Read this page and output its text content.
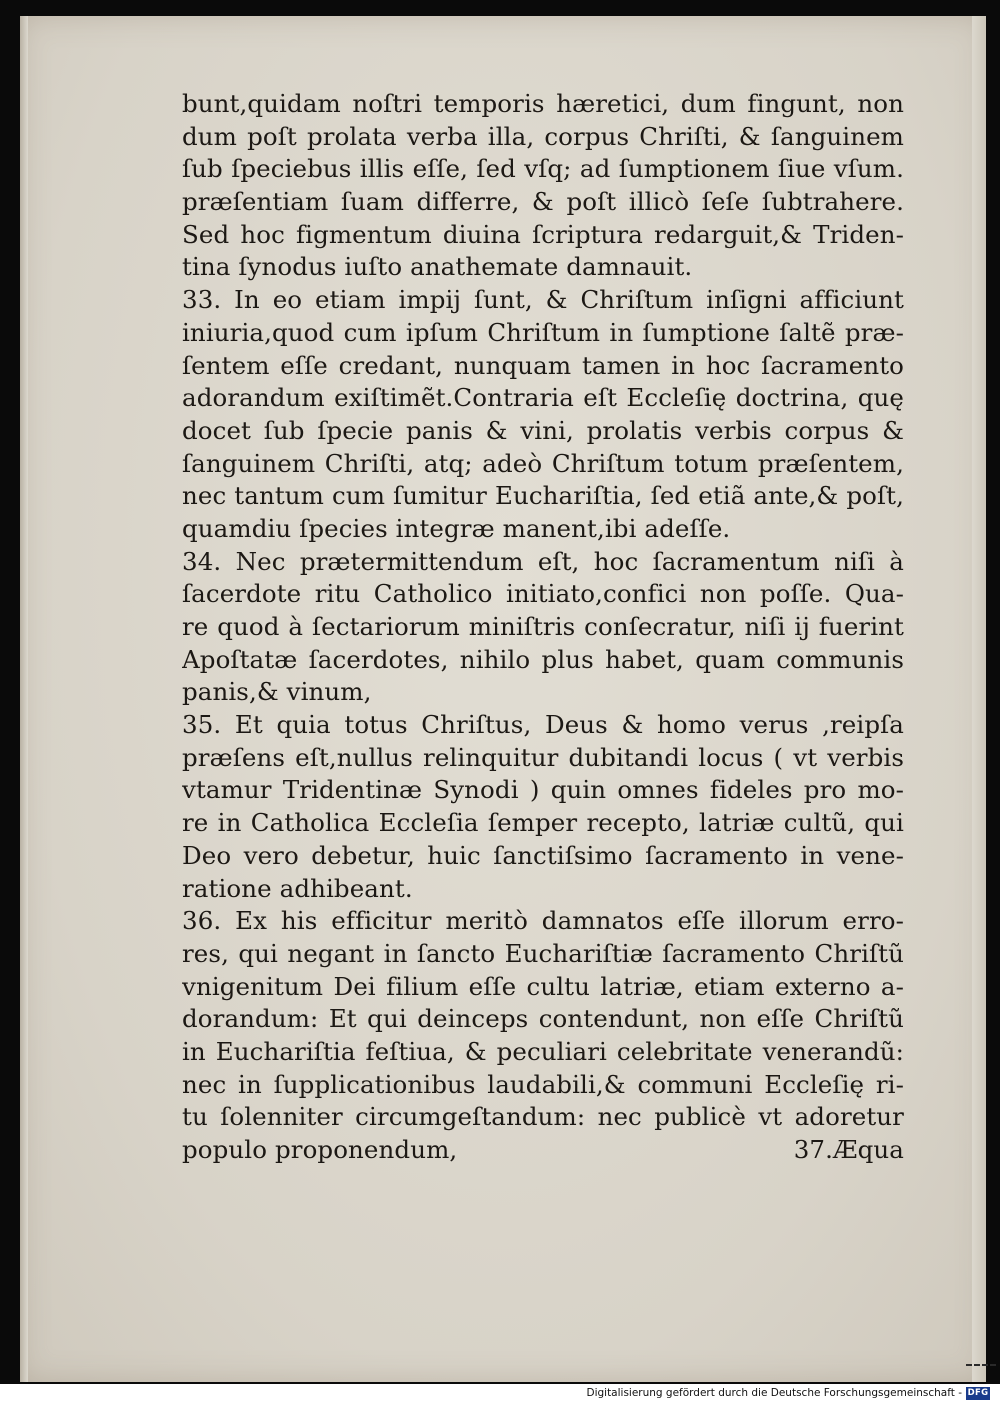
bunt,quidam noſtri temporis hæretici, dum fingunt, non
dum poſt prolata verba illa, corpus Chriſti, & ſanguinem
ſub ſpeciebus illis eſſe, ſed vſq; ad ſumptionem ſiue vſum.
præſentiam ſuam differre, & poſt illicò ſeſe ſubtrahere.
Sed hoc figmentum diuina ſcriptura redarguit,& Triden-
tina ſynodus iuſto anathemate damnauit.
33. In eo etiam impij ſunt, & Chriſtum inſigni afficiunt
iniuria,quod cum ipſum Chriſtum in ſumptione ſaltẽ præ-
ſentem eſſe credant, nunquam tamen in hoc ſacramento
adorandum exiſtimẽt.Contraria eſt Eccleſię doctrina, quę
docet ſub ſpecie panis & vini, prolatis verbis corpus &
ſanguinem Chriſti, atq; adeò Chriſtum totum præſentem,
nec tantum cum ſumitur Euchariſtia, ſed etiã ante,& poſt,
quamdiu ſpecies integræ manent,ibi adeſſe.
34. Nec prætermittendum eſt, hoc ſacramentum niſi à
ſacerdote ritu Catholico initiato,confici non poſſe. Qua-
re quod à ſectariorum miniſtris conſecratur, niſi ij fuerint
Apoſtatæ ſacerdotes, nihilo plus habet, quam communis
panis,& vinum,
35. Et quia totus Chriſtus, Deus & homo verus ,reipſa
præſens eſt,nullus relinquitur dubitandi locus ( vt verbis
vtamur Tridentinæ Synodi ) quin omnes fideles pro mo-
re in Catholica Eccleſia ſemper recepto, latriæ cultũ, qui
Deo vero debetur, huic ſanctiſsimo ſacramento in vene-
ratione adhibeant.
36. Ex his efficitur meritò damnatos eſſe illorum erro-
res, qui negant in ſancto Euchariſtiæ ſacramento Chriſtũ
vnigenitum Dei filium eſſe cultu latriæ, etiam externo a-
dorandum: Et qui deinceps contendunt, non eſſe Chriſtũ
in Euchariſtia feſtiua, & peculiari celebritate venerandũ:
nec in ſupplicationibus laudabili,& communi Eccleſię ri-
tu ſolenniter circumgeſtandum: nec publicè vt adoretur
populo proponendum,	37.Æqua
Digitalisierung gefördert durch die Deutsche Forschungsgemeinschaft - DFG
